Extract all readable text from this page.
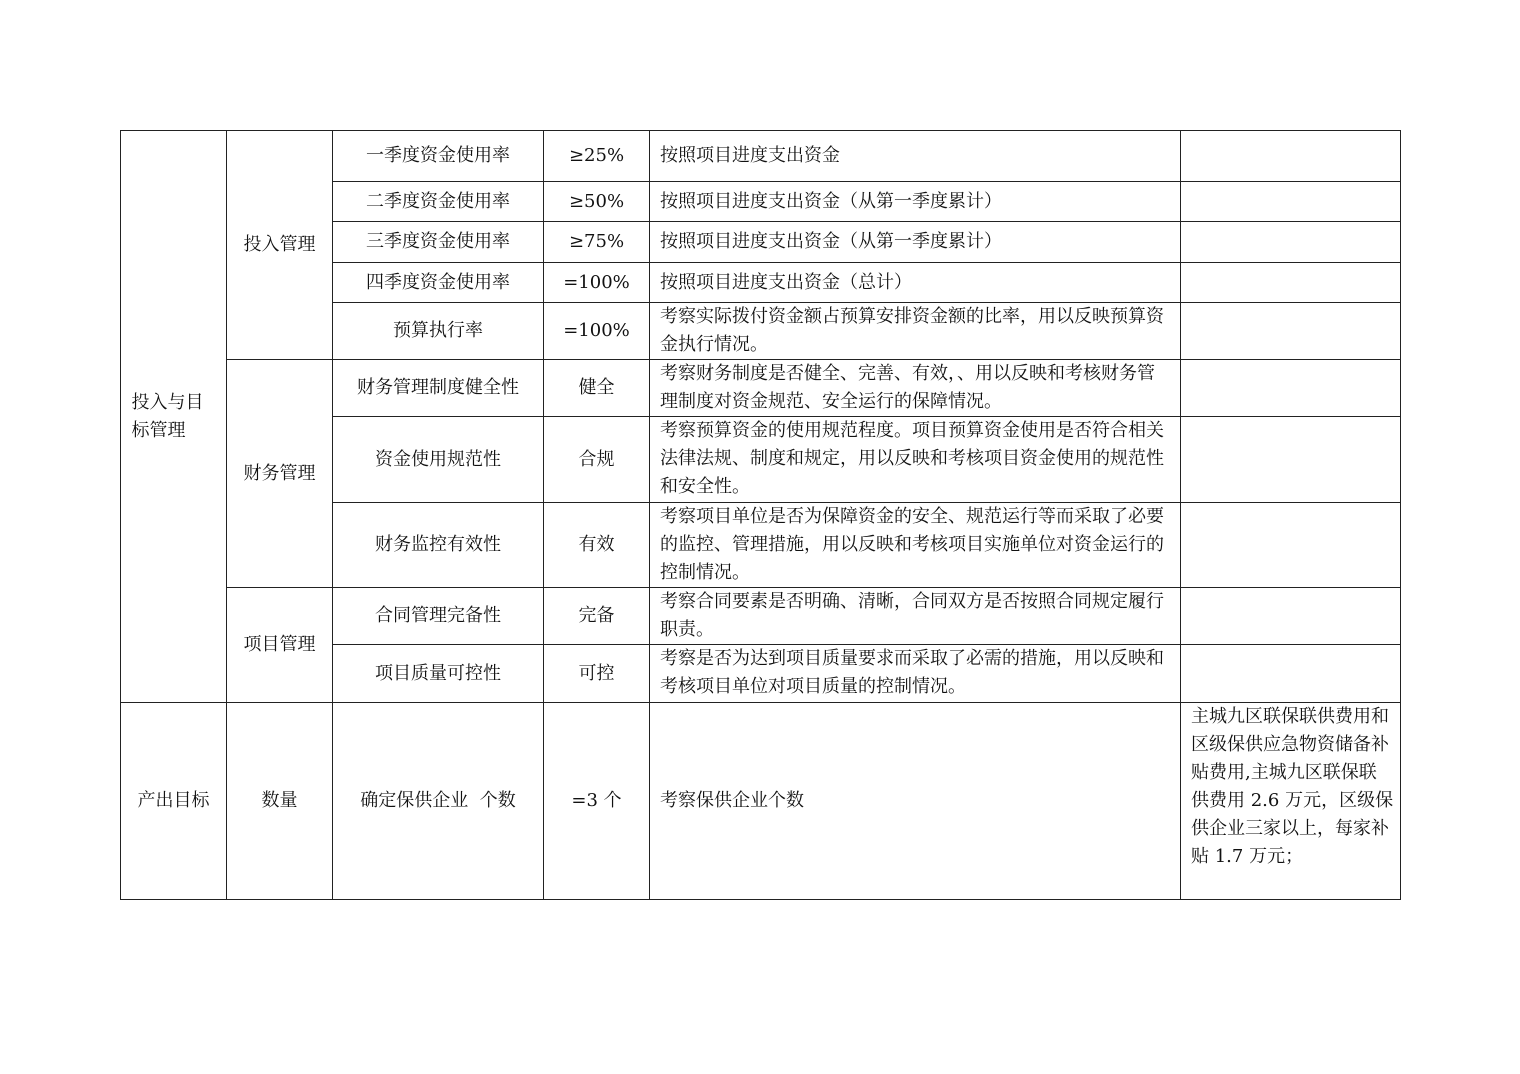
投入与目标管理	投入管理	一季度资金使用率	≥25%	按照项目进度支出资金	
		二季度资金使用率	≥50%	按照项目进度支出资金（从第一季度累计）	
		三季度资金使用率	≥75%	按照项目进度支出资金（从第一季度累计）	
		四季度资金使用率	=100%	按照项目进度支出资金（总计）	
		预算执行率	=100%	考察实际拨付资金额占预算安排资金额的比率，用以反映预算资金执行情况。	
	财务管理	财务管理制度健全性	健全	考察财务制度是否健全、完善、有效，、用以反映和考核财务管理制度对资金规范、安全运行的保障情况。	
		资金使用规范性	合规	考察预算资金的使用规范程度。项目预算资金使用是否符合相关法律法规、制度和规定，用以反映和考核项目资金使用的规范性和安全性。	
		财务监控有效性	有效	考察项目单位是否为保障资金的安全、规范运行等而采取了必要的监控、管理措施，用以反映和考核项目实施单位对资金运行的控制情况。	
	项目管理	合同管理完备性	完备	考察合同要素是否明确、清晰，合同双方是否按照合同规定履行职责。	
		项目质量可控性	可控	考察是否为达到项目质量要求而采取了必需的措施，用以反映和考核项目单位对项目质量的控制情况。	
产出目标	数量	确定保供企业  个数	=3 个	考察保供企业个数	主城九区联保联供费用和区级保供应急物资储备补贴费用,主城九区联保联供费用 2.6 万元，区级保供企业三家以上，每家补贴 1.7 万元；
